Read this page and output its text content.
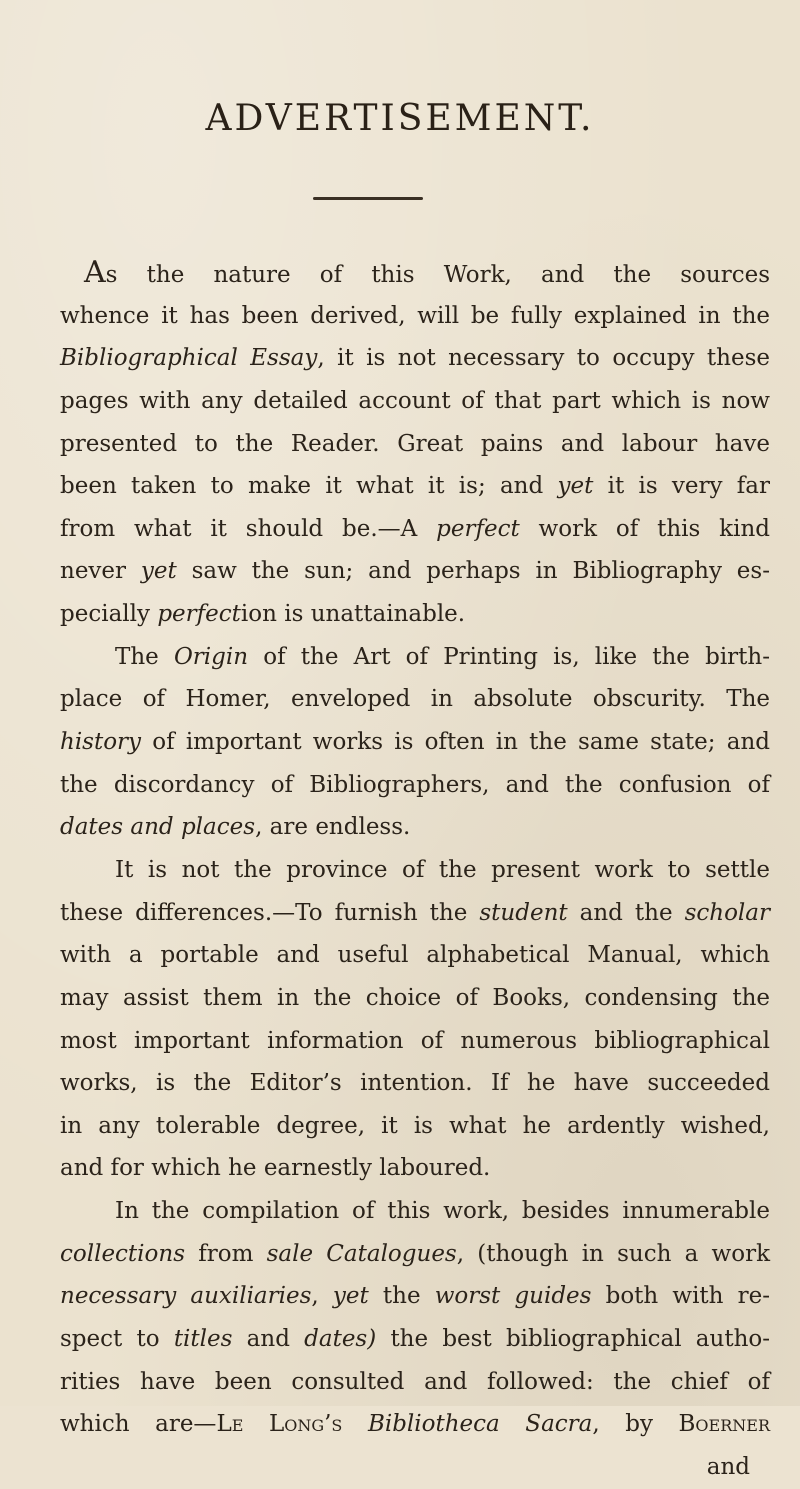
ADVERTISEMENT.
As the nature of this Work, and the sources
whence it has been derived, will be fully explained in the
Bibliographical Essay, it is not necessary to occupy these
pages with any detailed account of that part which is now
presented to the Reader. Great pains and labour have
been taken to make it what it is; and yet it is very far
from what it should be.—A perfect work of this kind
never yet saw the sun; and perhaps in Bibliography es-
pecially perfection is unattainable.
The Origin of the Art of Printing is, like the birth-
place of Homer, enveloped in absolute obscurity. The
history of important works is often in the same state; and
the discordancy of Bibliographers, and the confusion of
dates and places, are endless.
It is not the province of the present work to settle
these differences.—To furnish the student and the scholar
with a portable and useful alphabetical Manual, which
may assist them in the choice of Books, condensing the
most important information of numerous bibliographical
works, is the Editor’s intention. If he have succeeded
in any tolerable degree, it is what he ardently wished,
and for which he earnestly laboured.
In the compilation of this work, besides innumerable
collections from sale Catalogues, (though in such a work
necessary auxiliaries, yet the worst guides both with re-
spect to titles and dates) the best bibliographical autho-
rities have been consulted and followed: the chief of
which are—Le Long’s Bibliotheca Sacra, by Boerner
and
